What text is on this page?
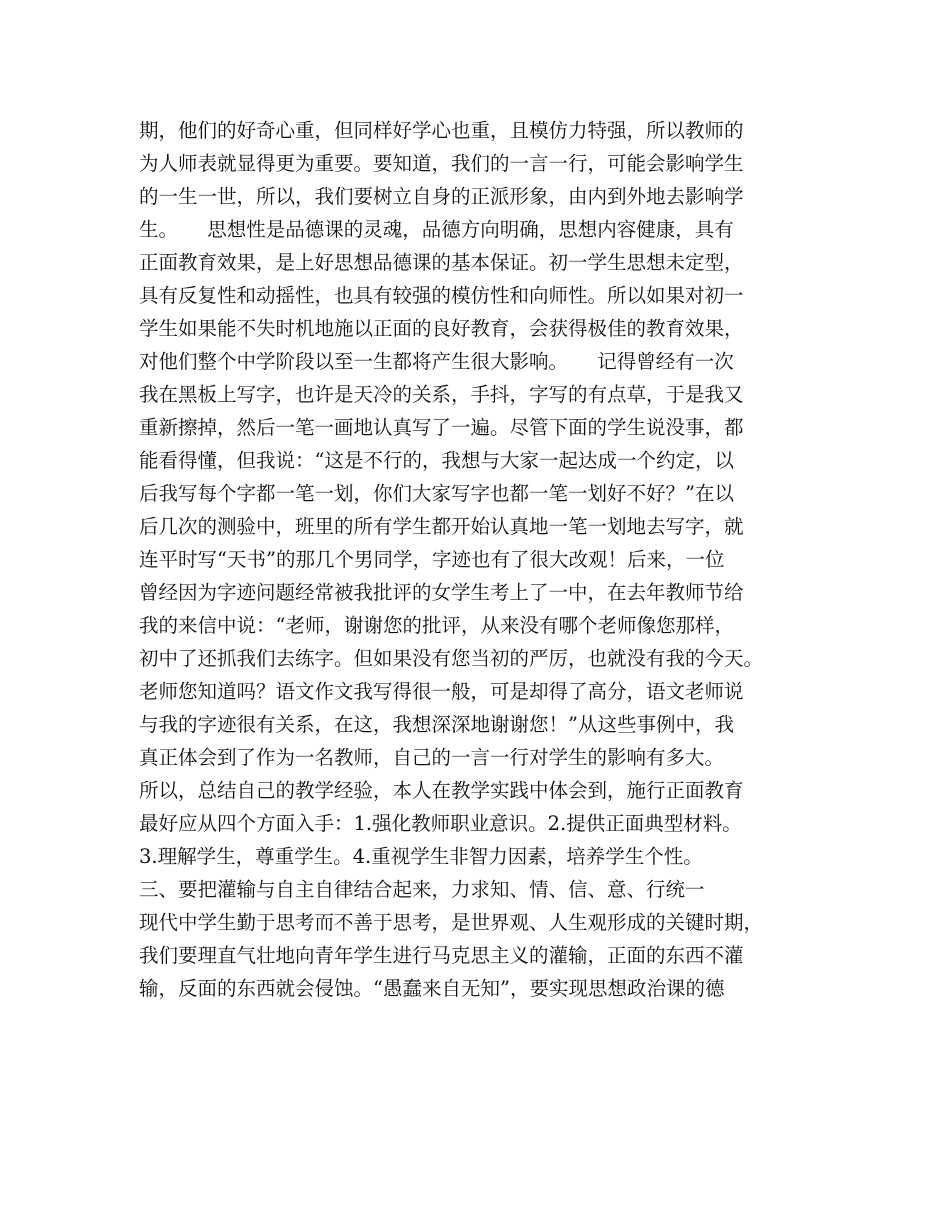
期，他们的好奇心重，但同样好学心也重，且模仿力特强，所以教师的
为人师表就显得更为重要。要知道，我们的一言一行，可能会影响学生
的一生一世，所以，我们要树立自身的正派形象，由内到外地去影响学
生。　　思想性是品德课的灵魂，品德方向明确，思想内容健康，具有
正面教育效果，是上好思想品德课的基本保证。初一学生思想未定型，
具有反复性和动摇性，也具有较强的模仿性和向师性。所以如果对初一
学生如果能不失时机地施以正面的良好教育，会获得极佳的教育效果，
对他们整个中学阶段以至一生都将产生很大影响。　　记得曾经有一次
我在黑板上写字，也许是天冷的关系，手抖，字写的有点草，于是我又
重新擦掉，然后一笔一画地认真写了一遍。尽管下面的学生说没事，都
能看得懂，但我说：“这是不行的，我想与大家一起达成一个约定，以
后我写每个字都一笔一划，你们大家写字也都一笔一划好不好？”在以
后几次的测验中，班里的所有学生都开始认真地一笔一划地去写字，就
连平时写“天书”的那几个男同学，字迹也有了很大改观！后来，一位
曾经因为字迹问题经常被我批评的女学生考上了一中，在去年教师节给
我的来信中说：“老师，谢谢您的批评，从来没有哪个老师像您那样，
初中了还抓我们去练字。但如果没有您当初的严厉，也就没有我的今天。
老师您知道吗？语文作文我写得很一般，可是却得了高分，语文老师说
与我的字迹很有关系，在这，我想深深地谢谢您！”从这些事例中，我
真正体会到了作为一名教师，自己的一言一行对学生的影响有多大。
所以，总结自己的教学经验，本人在教学实践中体会到，施行正面教育
最好应从四个方面入手：1.强化教师职业意识。2.提供正面典型材料。
3.理解学生，尊重学生。4.重视学生非智力因素，培养学生个性。
三、要把灌输与自主自律结合起来，力求知、情、信、意、行统一
现代中学生勤于思考而不善于思考，是世界观、人生观形成的关键时期，
我们要理直气壮地向青年学生进行马克思主义的灌输，正面的东西不灌
输，反面的东西就会侵蚀。“愚蠢来自无知”，要实现思想政治课的德
